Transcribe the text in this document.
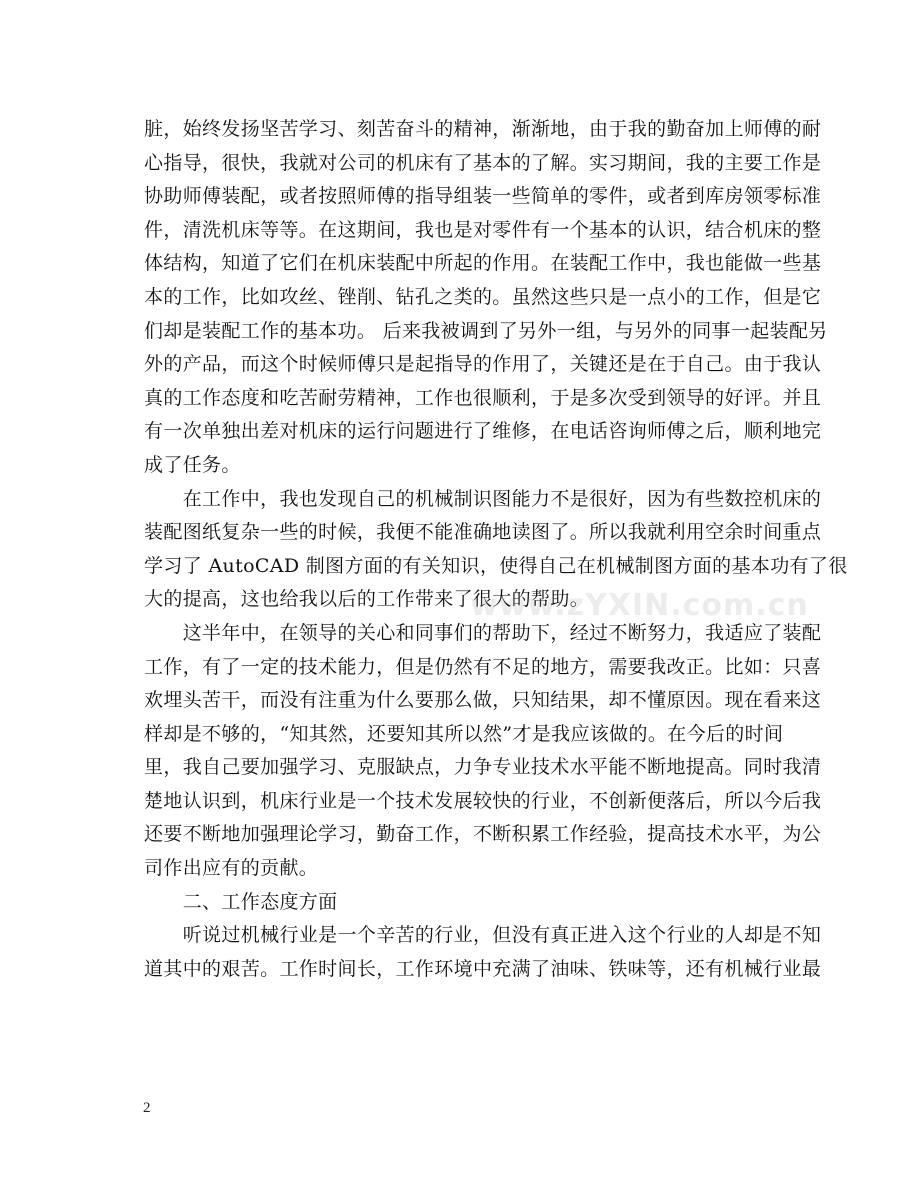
脏，始终发扬坚苦学习、刻苦奋斗的精神，渐渐地，由于我的勤奋加上师傅的耐
心指导，很快，我就对公司的机床有了基本的了解。实习期间，我的主要工作是
协助师傅装配，或者按照师傅的指导组装一些简单的零件，或者到库房领零标准
件，清洗机床等等。在这期间，我也是对零件有一个基本的认识，结合机床的整
体结构，知道了它们在机床装配中所起的作用。在装配工作中，我也能做一些基
本的工作，比如攻丝、锉削、钻孔之类的。虽然这些只是一点小的工作，但是它
们却是装配工作的基本功。 后来我被调到了另外一组，与另外的同事一起装配另
外的产品，而这个时候师傅只是起指导的作用了，关键还是在于自己。由于我认
真的工作态度和吃苦耐劳精神，工作也很顺利，于是多次受到领导的好评。并且
有一次单独出差对机床的运行问题进行了维修，在电话咨询师傅之后，顺利地完
成了任务。
　　在工作中，我也发现自己的机械制识图能力不是很好，因为有些数控机床的
装配图纸复杂一些的时候，我便不能准确地读图了。所以我就利用空余时间重点
学习了 AutoCAD 制图方面的有关知识，使得自己在机械制图方面的基本功有了很
大的提高，这也给我以后的工作带来了很大的帮助。
　　这半年中，在领导的关心和同事们的帮助下，经过不断努力，我适应了装配
工作，有了一定的技术能力，但是仍然有不足的地方，需要我改正。比如：只喜
欢埋头苦干，而没有注重为什么要那么做，只知结果，却不懂原因。现在看来这
样却是不够的，“知其然，还要知其所以然”才是我应该做的。在今后的时间
里，我自己要加强学习、克服缺点，力争专业技术水平能不断地提高。同时我清
楚地认识到，机床行业是一个技术发展较快的行业，不创新便落后，所以今后我
还要不断地加强理论学习，勤奋工作，不断积累工作经验，提高技术水平，为公
司作出应有的贡献。
　　二、工作态度方面
　　听说过机械行业是一个辛苦的行业，但没有真正进入这个行业的人却是不知
道其中的艰苦。工作时间长，工作环境中充满了油味、铁味等，还有机械行业最
www.zYXIN.com.cn
2
